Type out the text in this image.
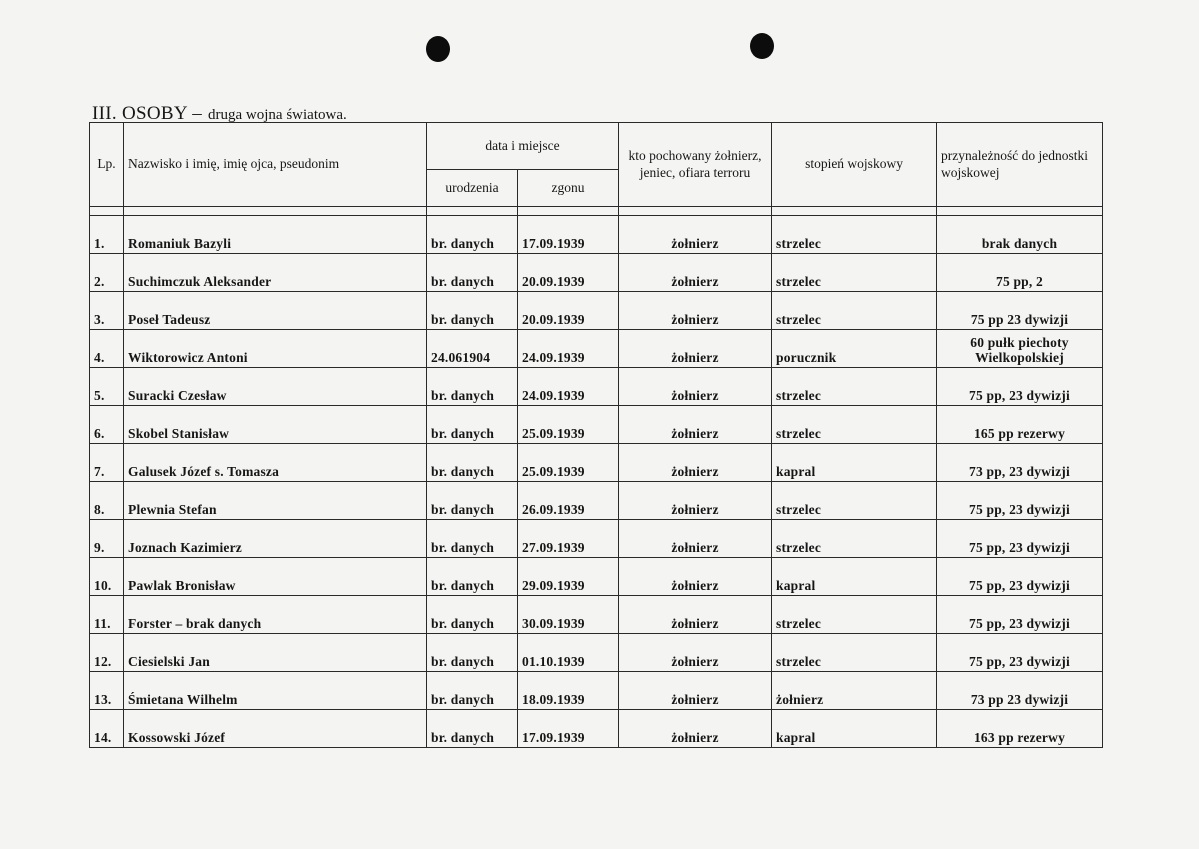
III. OSOBY – druga wojna światowa.
Lp.	Nazwisko i imię, imię ojca, pseudonim	data i miejsce		kto pochowany żołnierz, jeniec, ofiara terroru	stopień wojskowy	przynależność do jednostki wojskowej
		urodzenia	zgonu			

1.	Romaniuk Bazyli	br. danych	17.09.1939	żołnierz	strzelec	brak danych
2.	Suchimczuk Aleksander	br. danych	20.09.1939	żołnierz	strzelec	75 pp, 2
3.	Poseł Tadeusz	br. danych	20.09.1939	żołnierz	strzelec	75 pp 23 dywizji
4.	Wiktorowicz Antoni	24.061904	24.09.1939	żołnierz	porucznik	60 pułk piechoty Wielkopolskiej
5.	Suracki Czesław	br. danych	24.09.1939	żołnierz	strzelec	75 pp, 23 dywizji
6.	Skobel Stanisław	br. danych	25.09.1939	żołnierz	strzelec	165 pp rezerwy
7.	Galusek Józef s. Tomasza	br. danych	25.09.1939	żołnierz	kapral	73 pp, 23 dywizji
8.	Plewnia Stefan	br. danych	26.09.1939	żołnierz	strzelec	75 pp, 23 dywizji
9.	Joznach Kazimierz	br. danych	27.09.1939	żołnierz	strzelec	75 pp, 23 dywizji
10.	Pawlak Bronisław	br. danych	29.09.1939	żołnierz	kapral	75 pp, 23 dywizji
11.	Forster – brak danych	br. danych	30.09.1939	żołnierz	strzelec	75 pp, 23 dywizji
12.	Ciesielski Jan	br. danych	01.10.1939	żołnierz	strzelec	75 pp, 23 dywizji
13.	Śmietana Wilhelm	br. danych	18.09.1939	żołnierz	żołnierz	73 pp 23 dywizji
14.	Kossowski Józef	br. danych	17.09.1939	żołnierz	kapral	163 pp rezerwy
